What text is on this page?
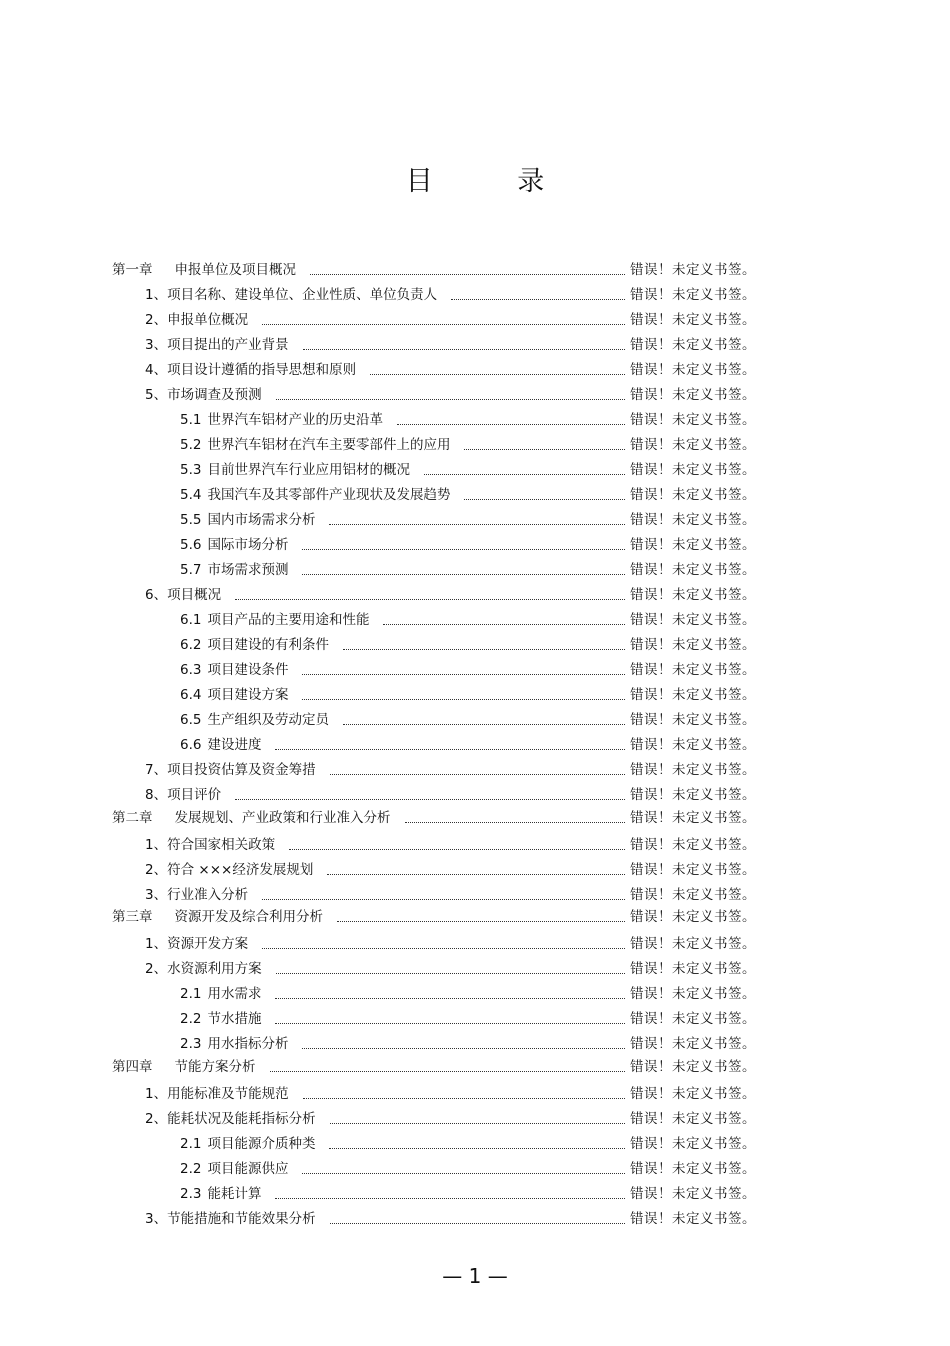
目 录
第一章 申报单位及项目概况	错误！未定义书签。
1、 项目名称、建设单位、企业性质、单位负责人	错误！未定义书签。
2、 申报单位概况	错误！未定义书签。
3、 项目提出的产业背景	错误！未定义书签。
4、 项目设计遵循的指导思想和原则	错误！未定义书签。
5、 市场调查及预测	错误！未定义书签。
5.1 世界汽车铝材产业的历史沿革	错误！未定义书签。
5.2 世界汽车铝材在汽车主要零部件上的应用	错误！未定义书签。
5.3 目前世界汽车行业应用铝材的概况	错误！未定义书签。
5.4 我国汽车及其零部件产业现状及发展趋势	错误！未定义书签。
5.5 国内市场需求分析	错误！未定义书签。
5.6 国际市场分析	错误！未定义书签。
5.7 市场需求预测	错误！未定义书签。
6、 项目概况	错误！未定义书签。
6.1 项目产品的主要用途和性能	错误！未定义书签。
6.2 项目建设的有利条件	错误！未定义书签。
6.3 项目建设条件	错误！未定义书签。
6.4 项目建设方案	错误！未定义书签。
6.5 生产组织及劳动定员	错误！未定义书签。
6.6 建设进度	错误！未定义书签。
7、 项目投资估算及资金筹措	错误！未定义书签。
8、 项目评价	错误！未定义书签。
第二章 发展规划、产业政策和行业准入分析	错误！未定义书签。
1、 符合国家相关政策	错误！未定义书签。
2、 符合 ×××经济发展规划	错误！未定义书签。
3、 行业准入分析	错误！未定义书签。
第三章 资源开发及综合利用分析	错误！未定义书签。
1、 资源开发方案	错误！未定义书签。
2、 水资源利用方案	错误！未定义书签。
2.1 用水需求	错误！未定义书签。
2.2 节水措施	错误！未定义书签。
2.3 用水指标分析	错误！未定义书签。
第四章 节能方案分析	错误！未定义书签。
1、 用能标准及节能规范	错误！未定义书签。
2、 能耗状况及能耗指标分析	错误！未定义书签。
2.1 项目能源介质种类	错误！未定义书签。
2.2 项目能源供应	错误！未定义书签。
2.3 能耗计算	错误！未定义书签。
3、 节能措施和节能效果分析	错误！未定义书签。
— 1 —
